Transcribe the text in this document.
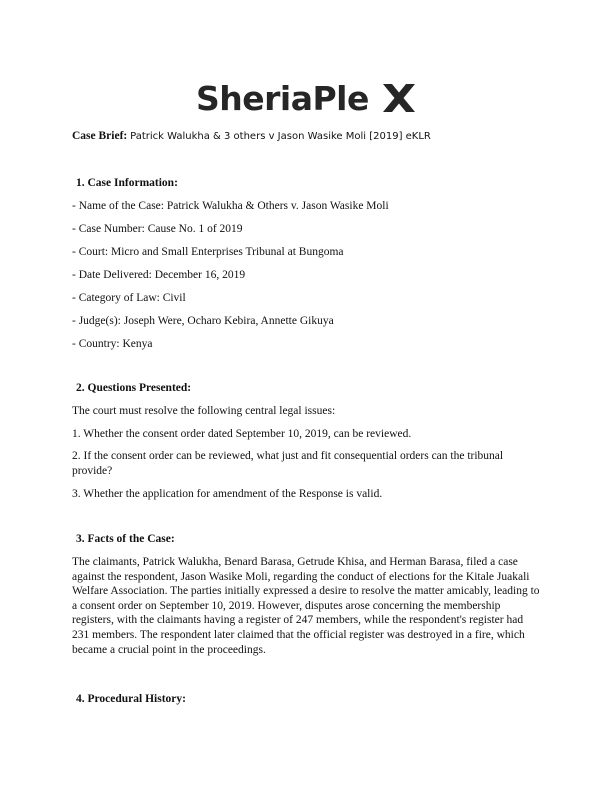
SheriaPle
Case Brief: Patrick Walukha & 3 others v Jason Wasike Moli [2019] eKLR
1. Case Information:
- Name of the Case: Patrick Walukha & Others v. Jason Wasike Moli
- Case Number: Cause No. 1 of 2019
- Court: Micro and Small Enterprises Tribunal at Bungoma
- Date Delivered: December 16, 2019
- Category of Law: Civil
- Judge(s): Joseph Were, Ocharo Kebira, Annette Gikuya
- Country: Kenya
2. Questions Presented:
The court must resolve the following central legal issues:
1. Whether the consent order dated September 10, 2019, can be reviewed.
2. If the consent order can be reviewed, what just and fit consequential orders can the tribunal provide?
3. Whether the application for amendment of the Response is valid.
3. Facts of the Case:
The claimants, Patrick Walukha, Benard Barasa, Getrude Khisa, and Herman Barasa, filed a case against the respondent, Jason Wasike Moli, regarding the conduct of elections for the Kitale Juakali Welfare Association. The parties initially expressed a desire to resolve the matter amicably, leading to a consent order on September 10, 2019. However, disputes arose concerning the membership registers, with the claimants having a register of 247 members, while the respondent's register had 231 members. The respondent later claimed that the official register was destroyed in a fire, which became a crucial point in the proceedings.
4. Procedural History:
